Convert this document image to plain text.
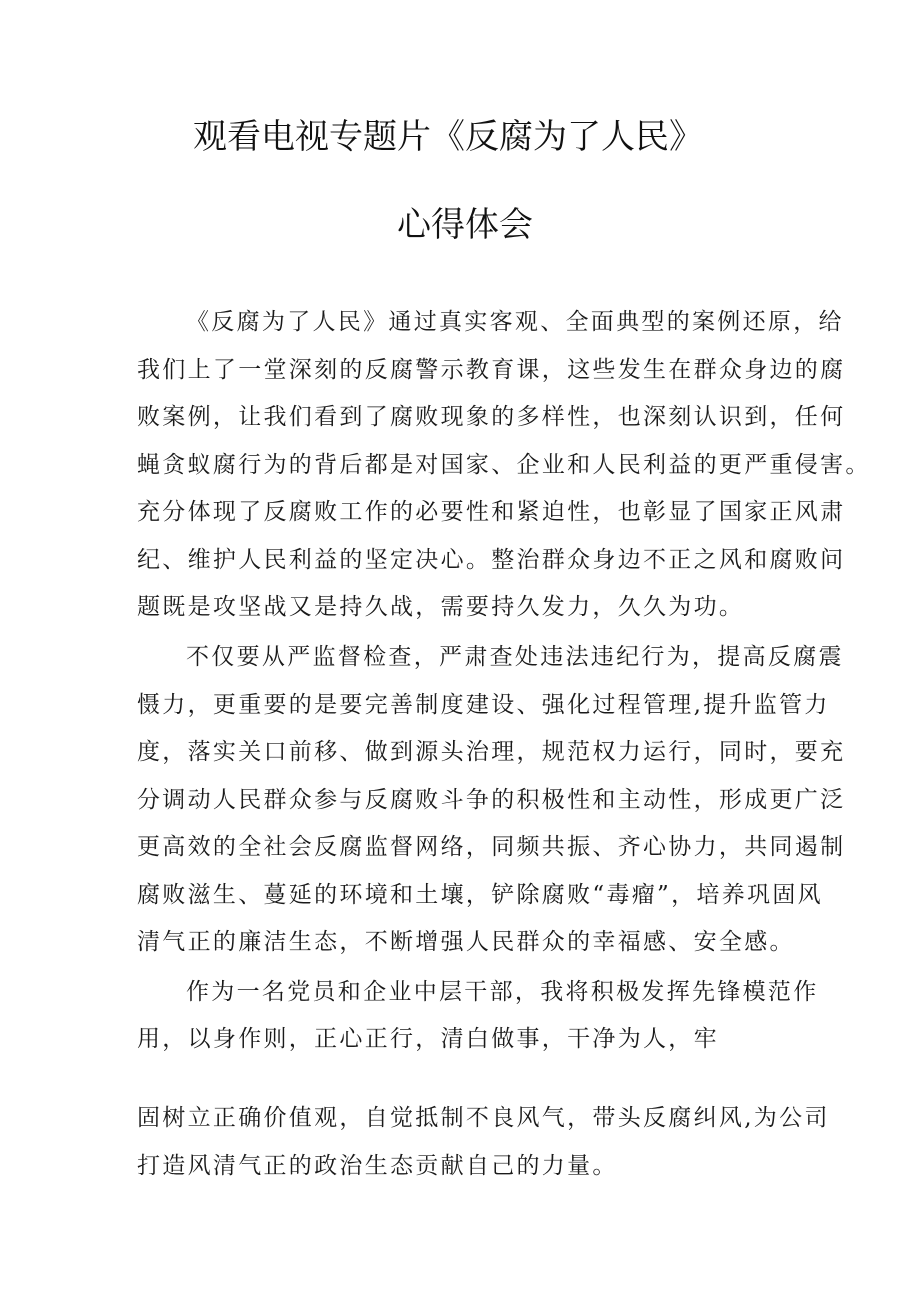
观看电视专题片《反腐为了人民》
心得体会

《反腐为了人民》通过真实客观、全面典型的案例还原，给

我们上了一堂深刻的反腐警示教育课，这些发生在群众身边的腐

败案例，让我们看到了腐败现象的多样性，也深刻认识到，任何

蝇贪蚁腐行为的背后都是对国家、企业和人民利益的更严重侵害。

充分体现了反腐败工作的必要性和紧迫性，也彰显了国家正风肃

纪、维护人民利益的坚定决心。整治群众身边不正之风和腐败问

题既是攻坚战又是持久战，需要持久发力，久久为功。

不仅要从严监督检查，严肃查处违法违纪行为，提高反腐震

慑力，更重要的是要完善制度建设、强化过程管理,提升监管力

度，落实关口前移、做到源头治理，规范权力运行，同时，要充

分调动人民群众参与反腐败斗争的积极性和主动性，形成更广泛

更高效的全社会反腐监督网络，同频共振、齐心协力，共同遏制

腐败滋生、蔓延的环境和土壤，铲除腐败“毒瘤”，培养巩固风

清气正的廉洁生态，不断增强人民群众的幸福感、安全感。

作为一名党员和企业中层干部，我将积极发挥先锋模范作

用，以身作则，正心正行，清白做事，干净为人，牢

固树立正确价值观，自觉抵制不良风气，带头反腐纠风,为公司

打造风清气正的政治生态贡献自己的力量。
